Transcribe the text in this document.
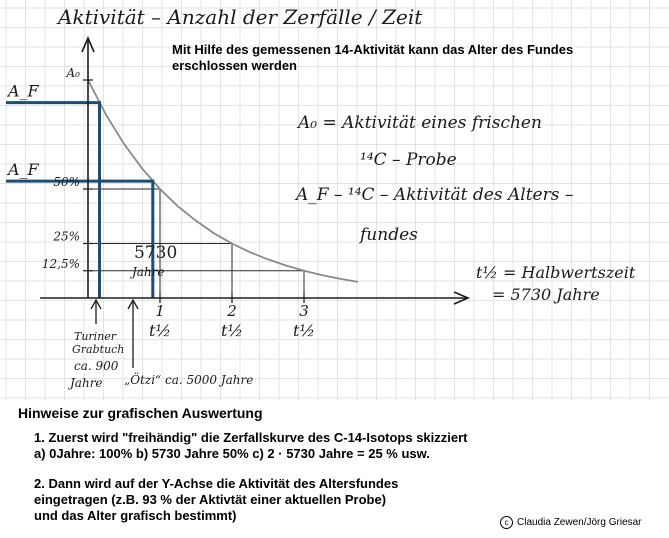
A_F
A_F
A₀
50%
25%
12,5%
1
t½
2
t½
3
t½
Aktivität – Anzahl der Zerfälle / Zeit
5730
Jahre
Turiner
Grabtuch
ca. 900
Jahre „Ötzi“ ca. 5000 Jahre
A₀ = Aktivität eines frischen
¹⁴C – Probe
A_F – ¹⁴C – Aktivität des Alters –
fundes
t½ = Halbwertszeit
= 5730 Jahre
Mit Hilfe des gemessenen 14-Aktivität kann das Alter des Fundes erschlossen werden
Hinweise zur grafischen Auswertung
1. Zuerst wird "freihändig" die Zerfallskurve des C-14-Isotops skizziert
a) 0Jahre: 100% b) 5730 Jahre 50% c) 2 · 5730 Jahre = 25 % usw.
2. Dann wird auf der Y-Achse die Aktivität des Altersfundes
eingetragen (z.B. 93 % der Aktivtät einer aktuellen Probe)
und das Alter grafisch bestimmt)	c Claudia Zewen/Jörg Griesar
